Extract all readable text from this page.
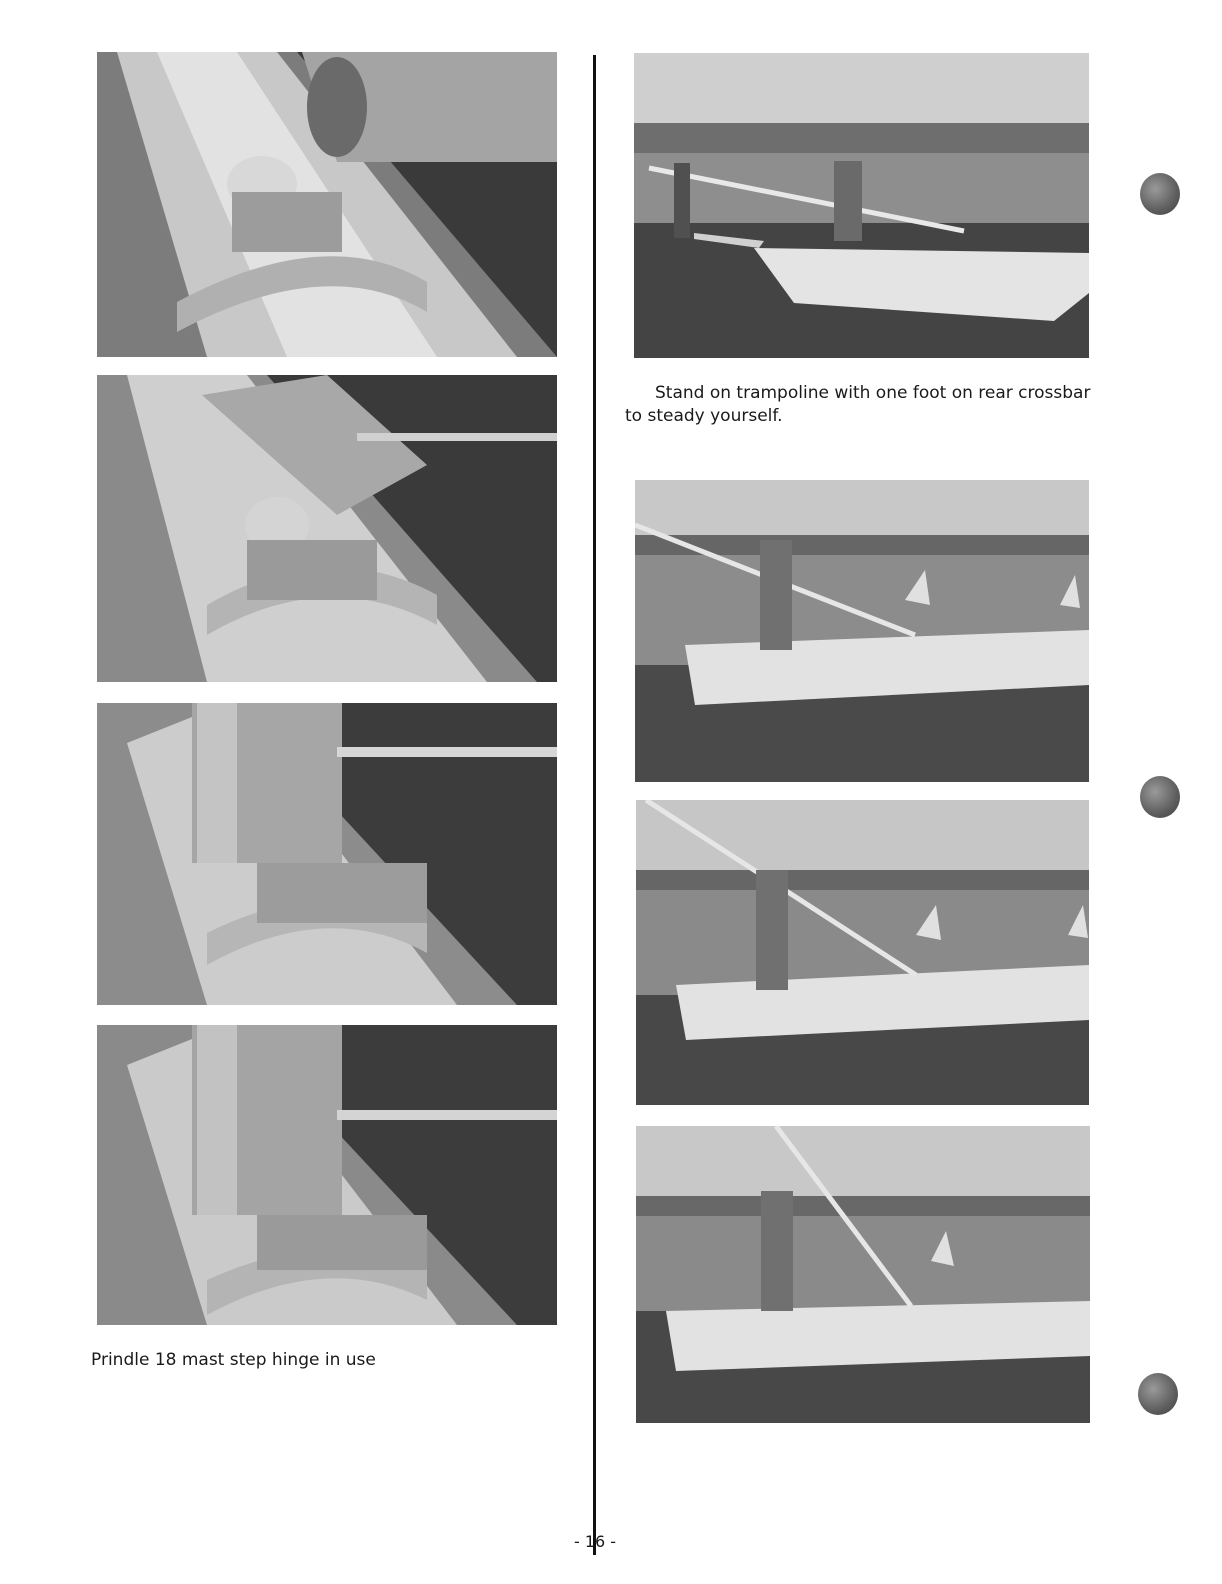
Prindle 18 mast step hinge in use
Stand on trampoline with one foot on rear crossbar to steady yourself.
- 16 -
